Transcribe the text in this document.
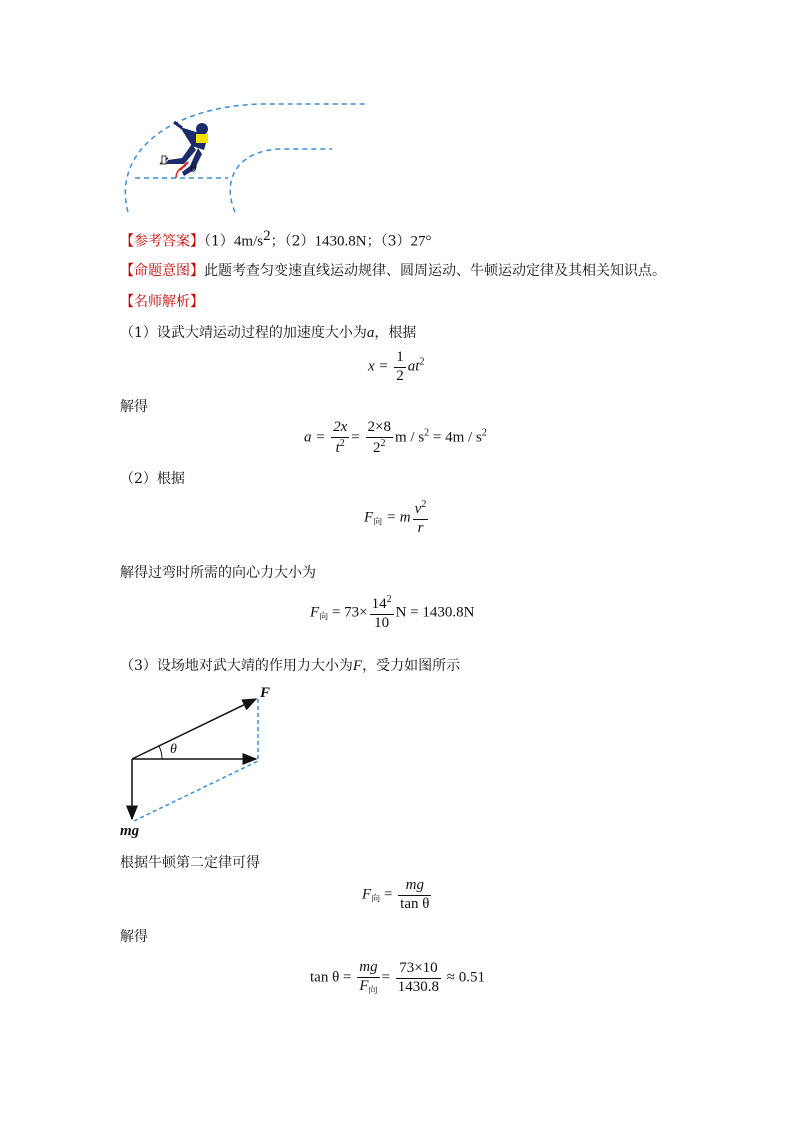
θ
【参考答案】$(1)4m/s^2$；（2）1430.8N；（3）27°
【命题意图】此题考查匀变速直线运动规律、圆周运动、牛顿运动定律及其相关知识点。
【名师解析】
（1）设武大靖运动过程的加速度大小为a，根据
$x = \frac{1}{2} at^2$
解得
$a = \frac{2x}{t^2} = \frac{2\times 8}{2^2}$ $m / s^2 = 4m / s^2$
（2）根据
$F_向 = m \frac{v^2}{r}$
解得过弯时所需的向心力大小为
$F_向 = 73\times \frac{14^2}{10}$ N = 1430.8N
（3）设场地对武大靖的作用力大小为F，受力如图所示
F
θ
mg
根据牛顿第二定律可得
$F_向 = \frac{mg}{\text{tan θ}}$
解得
$\tan \theta = \frac{mg}{F_向} = \frac{73\times 10}{1430.8} \approx 0.51$
